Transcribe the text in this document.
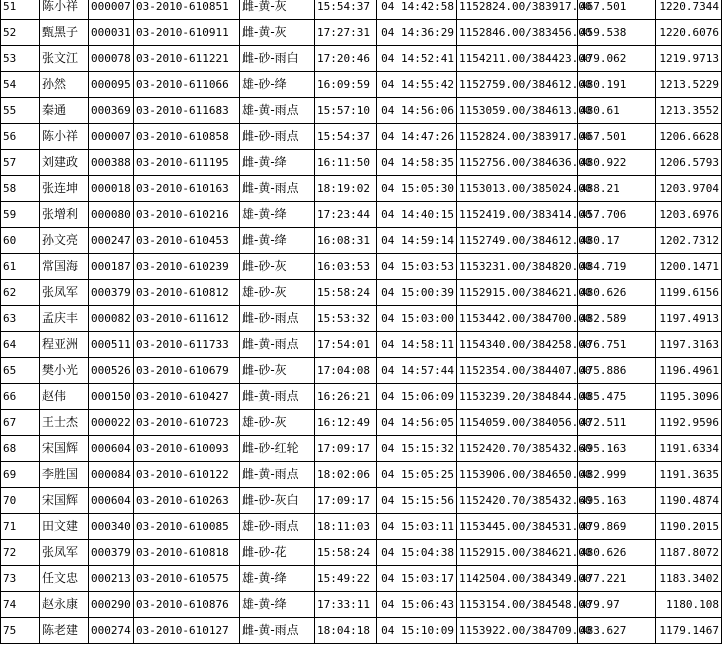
51	陈小祥	000007	03-2010-610851	雌-黄-灰	15:54:37	04 14:42:58	1152824.00/383917.00	467.501	1220.7344
52	甄黑子	000031	03-2010-610911	雌-黄-灰	17:27:31	04 14:36:29	1152846.00/383456.00	459.538	1220.6076
53	张文江	000078	03-2010-611221	雌-砂-雨白	17:20:46	04 14:52:41	1154211.00/384423.00	479.062	1219.9713
54	孙然	000095	03-2010-611066	雄-砂-绛	16:09:59	04 14:55:42	1152759.00/384612.00	480.191	1213.5229
55	秦通	000369	03-2010-611683	雄-黄-雨点	15:57:10	04 14:56:06	1153059.00/384613.00	480.61	1213.3552
56	陈小祥	000007	03-2010-610858	雌-砂-雨点	15:54:37	04 14:47:26	1152824.00/383917.00	467.501	1206.6628
57	刘建政	000388	03-2010-611195	雌-黄-绛	16:11:50	04 14:58:35	1152756.00/384636.00	480.922	1206.5793
58	张连坤	000018	03-2010-610163	雌-黄-雨点	18:19:02	04 15:05:30	1153013.00/385024.00	488.21	1203.9704
59	张增利	000080	03-2010-610216	雄-黄-绛	17:23:44	04 14:40:15	1152419.00/383414.00	457.706	1203.6976
60	孙文亮	000247	03-2010-610453	雌-黄-绛	16:08:31	04 14:59:14	1152749.00/384612.00	480.17	1202.7312
61	常国海	000187	03-2010-610239	雌-砂-灰	16:03:53	04 15:03:53	1153231.00/384820.00	484.719	1200.1471
62	张凤军	000379	03-2010-610812	雄-砂-灰	15:58:24	04 15:00:39	1152915.00/384621.00	480.626	1199.6156
63	孟庆丰	000082	03-2010-611612	雌-砂-雨点	15:53:32	04 15:03:00	1153442.00/384700.00	482.589	1197.4913
64	程亚洲	000511	03-2010-611733	雌-黄-雨点	17:54:01	04 14:58:11	1154340.00/384258.00	476.751	1197.3163
65	樊小光	000526	03-2010-610679	雌-砂-灰	17:04:08	04 14:57:44	1152354.00/384407.00	475.886	1196.4961
66	赵伟	000150	03-2010-610427	雌-黄-雨点	16:26:21	04 15:06:09	1153239.20/384844.00	485.475	1195.3096
67	王士杰	000022	03-2010-610723	雄-砂-灰	16:12:49	04 14:56:05	1154059.00/384056.00	472.511	1192.9596
68	宋国辉	000604	03-2010-610093	雌-砂-红轮	17:09:17	04 15:15:32	1152420.70/385432.60	495.163	1191.6334
69	李胜国	000084	03-2010-610122	雌-黄-雨点	18:02:06	04 15:05:25	1153906.00/384650.00	482.999	1191.3635
70	宋国辉	000604	03-2010-610263	雌-砂-灰白	17:09:17	04 15:15:56	1152420.70/385432.60	495.163	1190.4874
71	田文建	000340	03-2010-610085	雄-砂-雨点	18:11:03	04 15:03:11	1153445.00/384531.00	479.869	1190.2015
72	张凤军	000379	03-2010-610818	雌-砂-花	15:58:24	04 15:04:38	1152915.00/384621.00	480.626	1187.8072
73	任文忠	000213	03-2010-610575	雄-黄-绛	15:49:22	04 15:03:17	1142504.00/384349.00	477.221	1183.3402
74	赵永康	000290	03-2010-610876	雄-黄-绛	17:33:11	04 15:06:43	1153154.00/384548.00	479.97	1180.108
75	陈老建	000274	03-2010-610127	雌-黄-雨点	18:04:18	04 15:10:09	1153922.00/384709.00	483.627	1179.1467
